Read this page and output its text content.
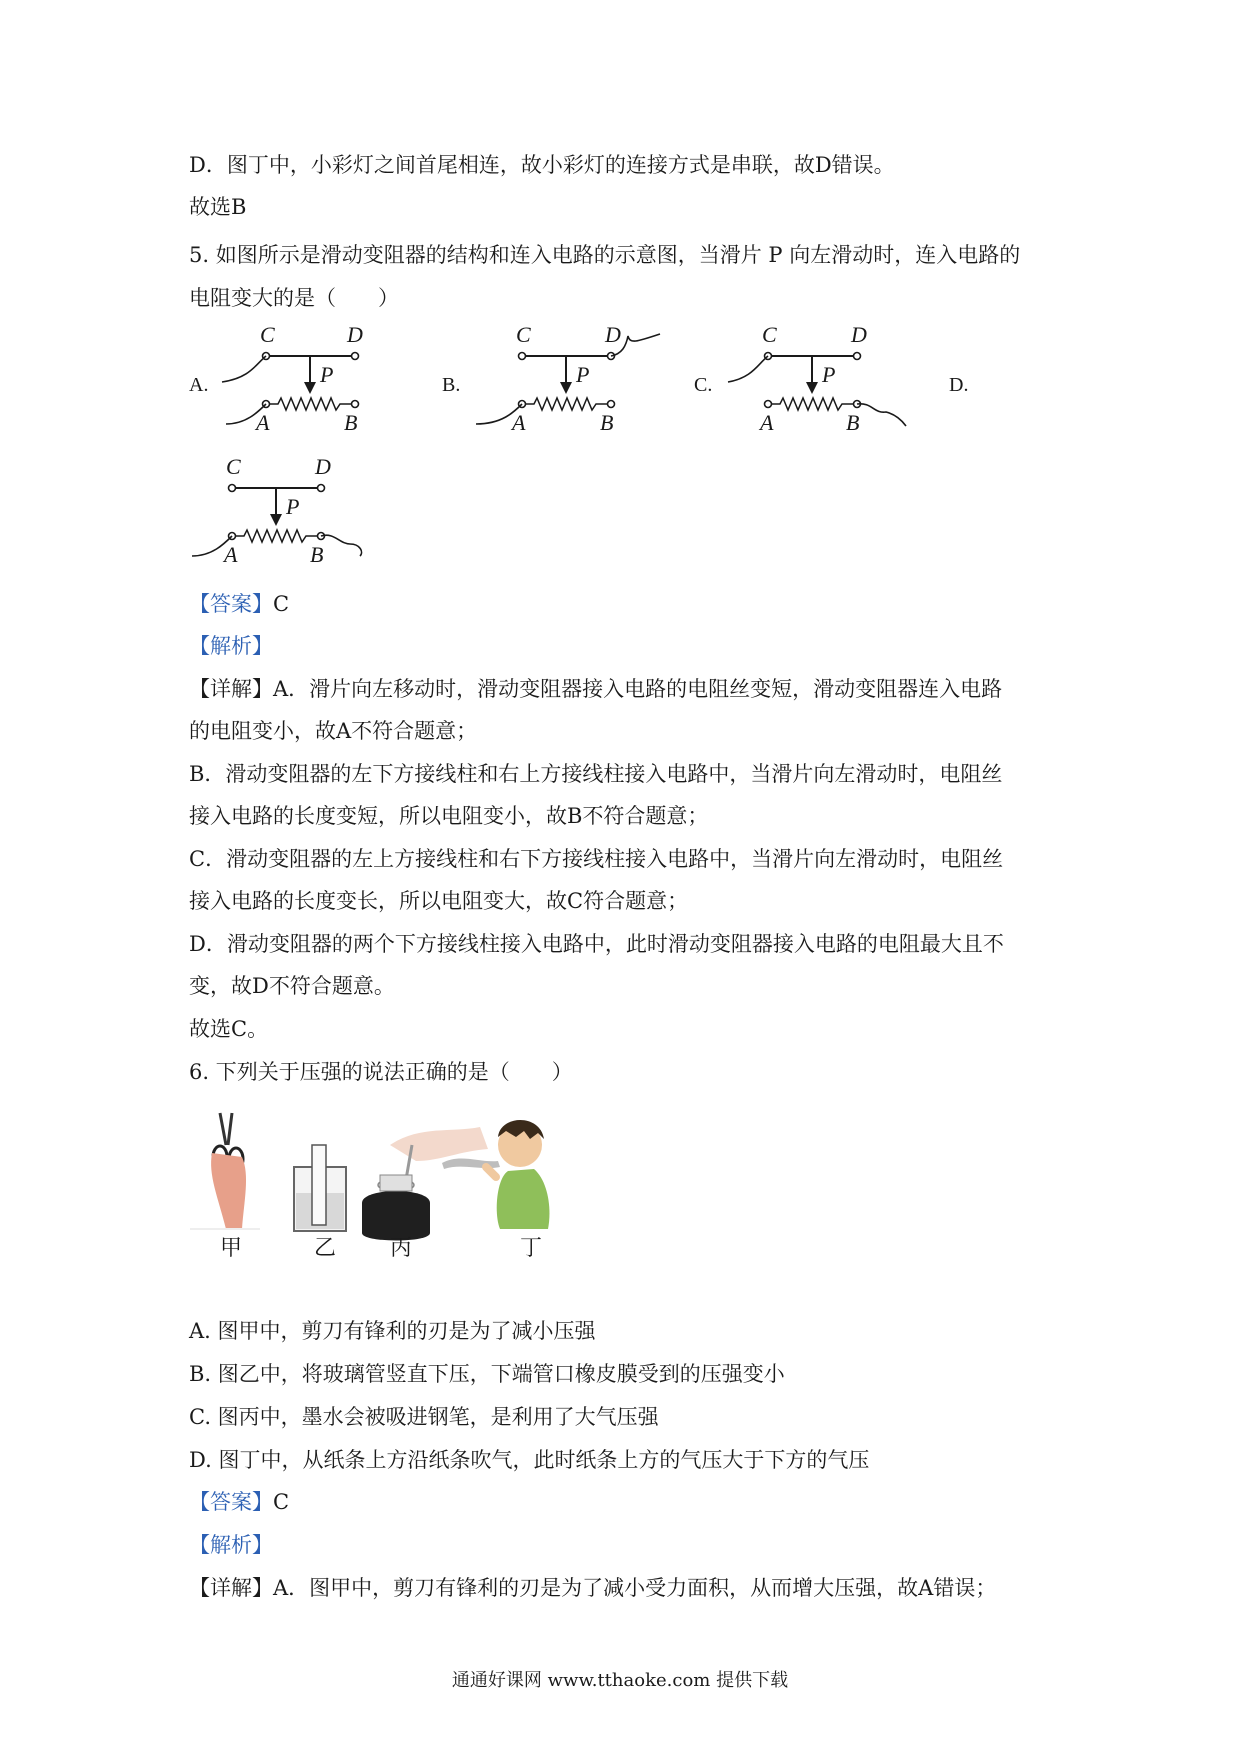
D．图丁中，小彩灯之间首尾相连，故小彩灯的连接方式是串联，故D错误。
故选B
5. 如图所示是滑动变阻器的结构和连入电路的示意图，当滑片 P 向左滑动时，连入电路的
电阻变大的是（　　）
A.	B.	C.	D.
C	D
P
A	B
C	D
P
A	B
C	D
P
A	B
C	D
P
A	B
【答案】C
【解析】
【详解】A．滑片向左移动时，滑动变阻器接入电路的电阻丝变短，滑动变阻器连入电路
的电阻变小，故A不符合题意；
B．滑动变阻器的左下方接线柱和右上方接线柱接入电路中，当滑片向左滑动时，电阻丝
接入电路的长度变短，所以电阻变小，故B不符合题意；
C．滑动变阻器的左上方接线柱和右下方接线柱接入电路中，当滑片向左滑动时，电阻丝
接入电路的长度变长，所以电阻变大，故C符合题意；
D．滑动变阻器的两个下方接线柱接入电路中，此时滑动变阻器接入电路的电阻最大且不
变，故D不符合题意。
故选C。
6. 下列关于压强的说法正确的是（　　）
甲	乙 丙	丁
A. 图甲中，剪刀有锋利的刃是为了减小压强
B. 图乙中，将玻璃管竖直下压，下端管口橡皮膜受到的压强变小
C. 图丙中，墨水会被吸进钢笔，是利用了大气压强
D. 图丁中，从纸条上方沿纸条吹气，此时纸条上方的气压大于下方的气压
【答案】C
【解析】
【详解】A．图甲中，剪刀有锋利的刃是为了减小受力面积，从而增大压强，故A错误；
通通好课网 www.tthaoke.com 提供下载
